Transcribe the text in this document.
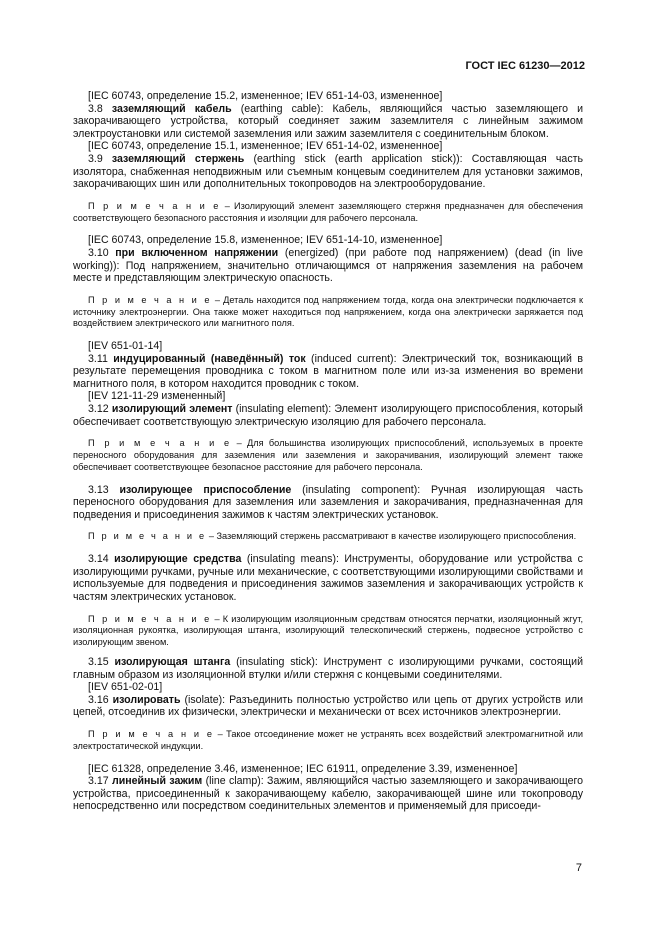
ГОСТ IEC 61230—2012

[IEC 60743, определение 15.2, измененное; IEV 651-14-03, измененное]

3.8 заземляющий кабель (earthing cable): Кабель, являющийся частью заземляющего и закорачивающего устройства, который соединяет зажим заземлителя с линейным зажимом электроустановки или системой заземления или зажим заземлителя с соединительным блоком.

[IEC 60743, определение 15.1, измененное; IEV 651-14-02, измененное]

3.9 заземляющий стержень (earthing stick (earth application stick)): Составляющая часть изолятора, снабженная неподвижным или съемным концевым соединителем для установки зажимов, закорачивающих шин или дополнительных токопроводов на электрооборудование.

П р и м е ч а н и е – Изолирующий элемент заземляющего стержня предназначен для обеспечения соответствующего безопасного расстояния и изоляции для рабочего персонала.

[IEC 60743, определение 15.8, измененное; IEV 651-14-10, измененное]

3.10 при включенном напряжении (energized) (при работе под напряжением) (dead (in live working)): Под напряжением, значительно отличающимся от напряжения заземления на рабочем месте и представляющим электрическую опасность.

П р и м е ч а н и е – Деталь находится под напряжением тогда, когда она электрически подключается к источнику электроэнергии. Она также может находиться под напряжением, когда она электрически заряжается под воздействием электрического или магнитного поля.

[IEV 651-01-14]

3.11 индуцированный (наведённый) ток (induced current): Электрический ток, возникающий в результате перемещения проводника с током в магнитном поле или из-за изменения во времени магнитного поля, в котором находится проводник с током.

[IEV 121-11-29 измененный]

3.12 изолирующий элемент (insulating element): Элемент изолирующего приспособления, который обеспечивает соответствующую электрическую изоляцию для рабочего персонала.

П р и м е ч а н и е – Для большинства изолирующих приспособлений, используемых в проекте переносного оборудования для заземления или заземления и закорачивания, изолирующий элемент также обеспечивает соответствующее безопасное расстояние для рабочего персонала.

3.13 изолирующее приспособление (insulating component): Ручная изолирующая часть переносного оборудования для заземления или заземления и закорачивания, предназначенная для подведения и присоединения зажимов к частям электрических установок.

П р и м е ч а н и е – Заземляющий стержень рассматривают в качестве изолирующего приспособления.

3.14 изолирующие средства (insulating means): Инструменты, оборудование или устройства с изолирующими ручками, ручные или механические, с соответствующими изолирующими свойствами и используемые для подведения и присоединения зажимов заземления и закорачивающих устройств к частям электрических установок.

П р и м е ч а н и е – К изолирующим изоляционным средствам относятся перчатки, изоляционный жгут, изоляционная рукоятка, изолирующая штанга, изолирующий телескопический стержень, подвесное устройство с изолирующим звеном.

3.15 изолирующая штанга (insulating stick): Инструмент с изолирующими ручками, состоящий главным образом из изоляционной втулки и/или стержня с концевыми соединителями.

[IEV 651-02-01]

3.16 изолировать (isolate): Разъединить полностью устройство или цепь от других устройств или цепей, отсоединив их физически, электрически и механически от всех источников электроэнергии.

П р и м е ч а н и е – Такое отсоединение может не устранять всех воздействий электромагнитной или электростатической индукции.

[IEC 61328, определение 3.46, измененное; IEC 61911, определение 3.39, измененное]

3.17 линейный зажим (line clamp): Зажим, являющийся частью заземляющего и закорачивающего устройства, присоединенный к закорачивающему кабелю, закорачивающей шине или токопроводу непосредственно или посредством соединительных элементов и применяемый для присоеди-

7
